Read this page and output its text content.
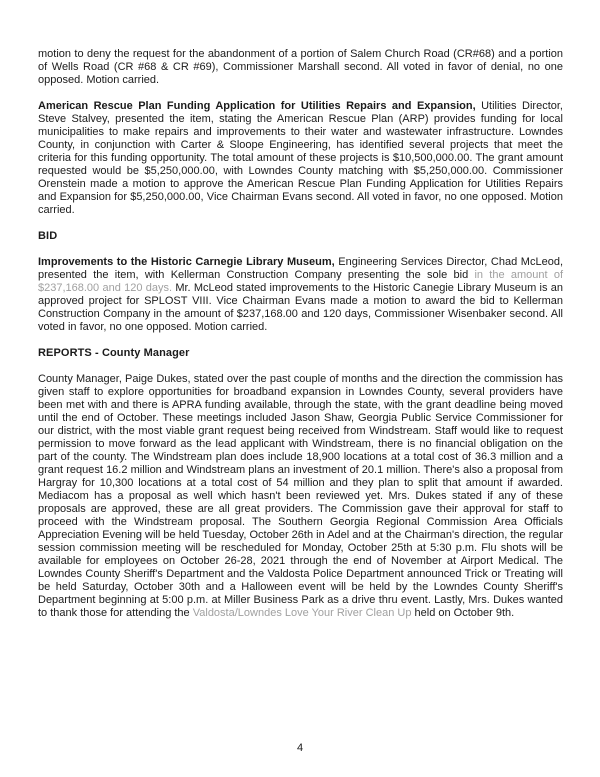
motion to deny the request for the abandonment of a portion of Salem Church Road (CR#68) and a portion of Wells Road (CR #68 & CR #69), Commissioner Marshall second. All voted in favor of denial, no one opposed. Motion carried.

American Rescue Plan Funding Application for Utilities Repairs and Expansion, Utilities Director, Steve Stalvey, presented the item, stating the American Rescue Plan (ARP) provides funding for local municipalities to make repairs and improvements to their water and wastewater infrastructure. Lowndes County, in conjunction with Carter & Sloope Engineering, has identified several projects that meet the criteria for this funding opportunity. The total amount of these projects is $10,500,000.00. The grant amount requested would be $5,250,000.00, with Lowndes County matching with $5,250,000.00. Commissioner Orenstein made a motion to approve the American Rescue Plan Funding Application for Utilities Repairs and Expansion for $5,250,000.00, Vice Chairman Evans second. All voted in favor, no one opposed. Motion carried.

BID

Improvements to the Historic Carnegie Library Museum, Engineering Services Director, Chad McLeod, presented the item, with Kellerman Construction Company presenting the sole bid in the amount of $237,168.00 and 120 days. Mr. McLeod stated improvements to the Historic Canegie Library Museum is an approved project for SPLOST VIII. Vice Chairman Evans made a motion to award the bid to Kellerman Construction Company in the amount of $237,168.00 and 120 days, Commissioner Wisenbaker second. All voted in favor, no one opposed. Motion carried.

REPORTS - County Manager

County Manager, Paige Dukes, stated over the past couple of months and the direction the commission has given staff to explore opportunities for broadband expansion in Lowndes County, several providers have been met with and there is APRA funding available, through the state, with the grant deadline being moved until the end of October. These meetings included Jason Shaw, Georgia Public Service Commissioner for our district, with the most viable grant request being received from Windstream. Staff would like to request permission to move forward as the lead applicant with Windstream, there is no financial obligation on the part of the county. The Windstream plan does include 18,900 locations at a total cost of 36.3 million and a grant request 16.2 million and Windstream plans an investment of 20.1 million. There's also a proposal from Hargray for 10,300 locations at a total cost of 54 million and they plan to split that amount if awarded. Mediacom has a proposal as well which hasn't been reviewed yet. Mrs. Dukes stated if any of these proposals are approved, these are all great providers. The Commission gave their approval for staff to proceed with the Windstream proposal. The Southern Georgia Regional Commission Area Officials Appreciation Evening will be held Tuesday, October 26th in Adel and at the Chairman's direction, the regular session commission meeting will be rescheduled for Monday, October 25th at 5:30 p.m. Flu shots will be available for employees on October 26-28, 2021 through the end of November at Airport Medical. The Lowndes County Sheriff's Department and the Valdosta Police Department announced Trick or Treating will be held Saturday, October 30th and a Halloween event will be held by the Lowndes County Sheriff's Department beginning at 5:00 p.m. at Miller Business Park as a drive thru event. Lastly, Mrs. Dukes wanted to thank those for attending the Valdosta/Lowndes Love Your River Clean Up held on October 9th.

4
